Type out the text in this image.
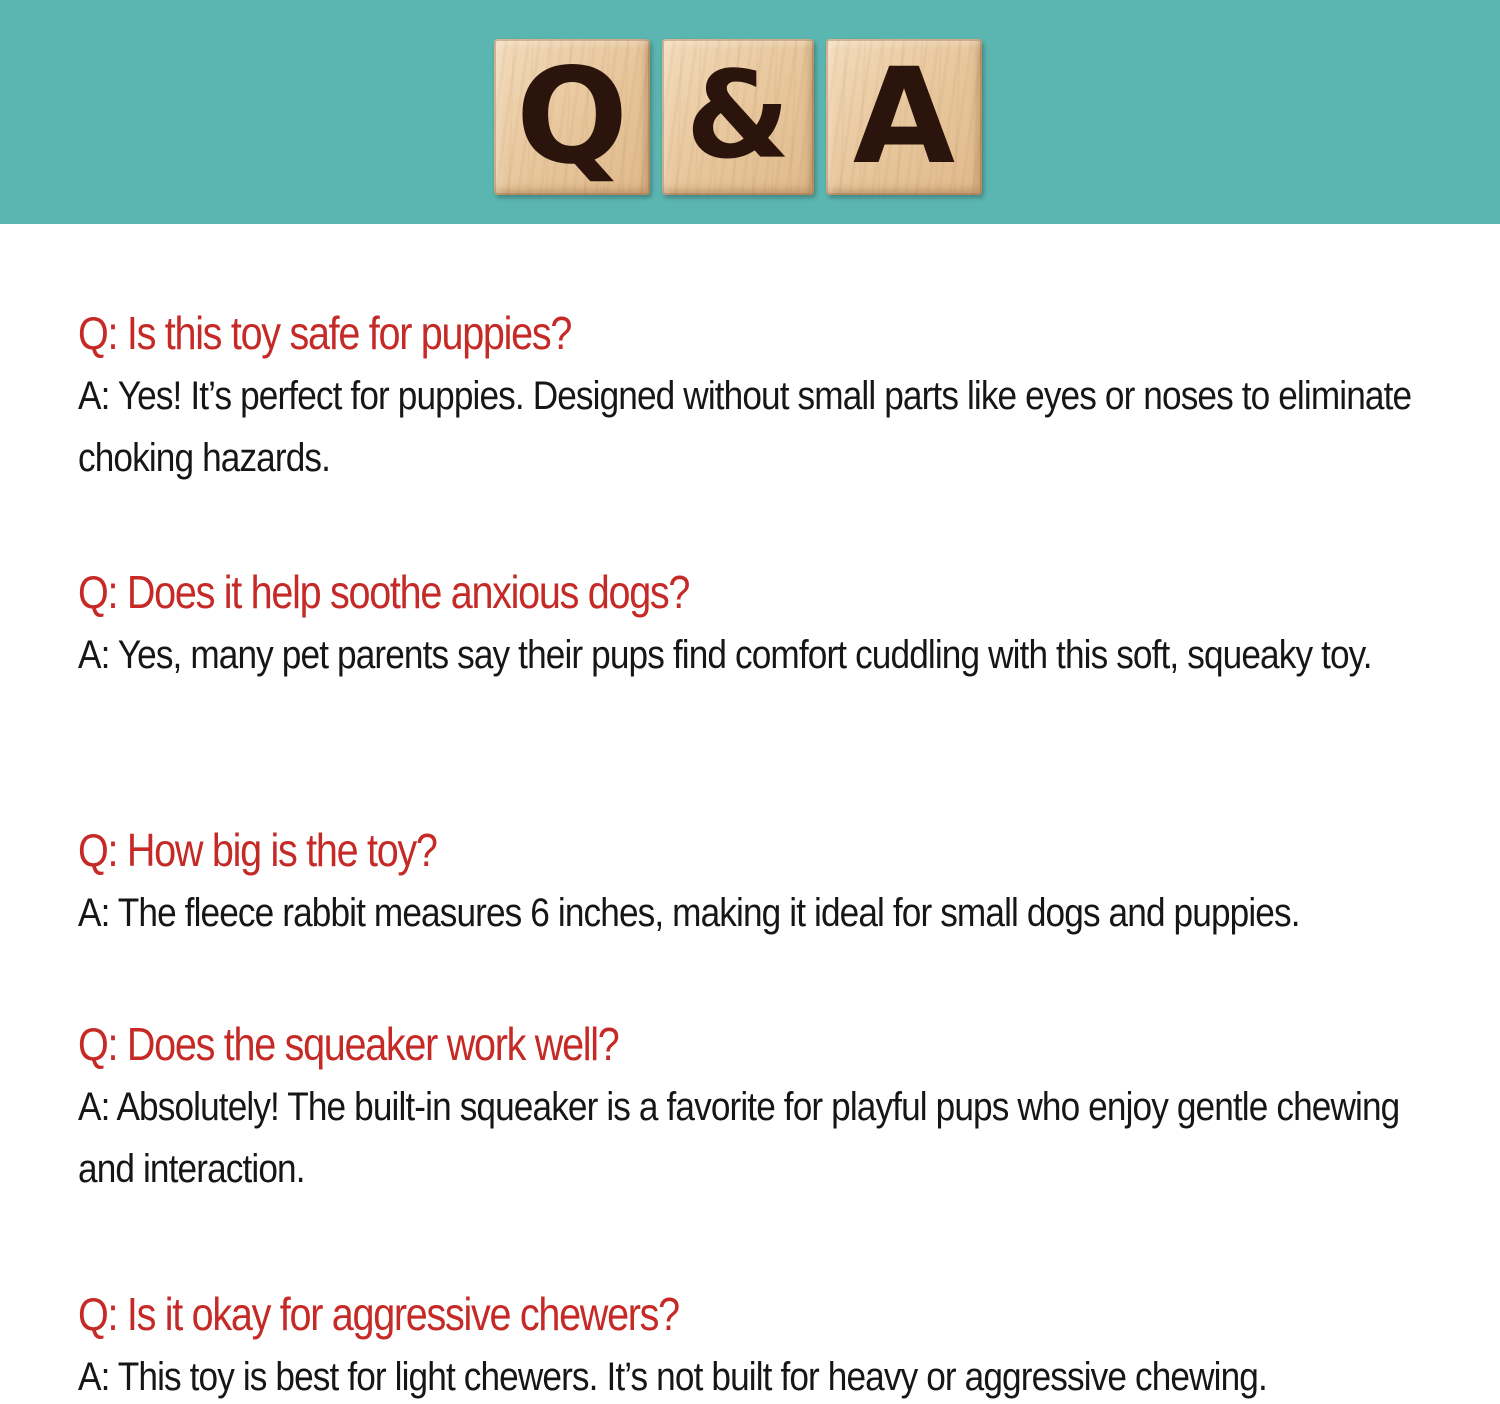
Q & A

Q: Is this toy safe for puppies?

A: Yes! It’s perfect for puppies. Designed without small parts like eyes or noses to eliminate choking hazards.

Q: Does it help soothe anxious dogs?

A: Yes, many pet parents say their pups find comfort cuddling with this soft, squeaky toy.

Q: How big is the toy?

A: The fleece rabbit measures 6 inches, making it ideal for small dogs and puppies.

Q: Does the squeaker work well?

A: Absolutely! The built-in squeaker is a favorite for playful pups who enjoy gentle chewing and interaction.

Q: Is it okay for aggressive chewers?

A: This toy is best for light chewers. It’s not built for heavy or aggressive chewing.
